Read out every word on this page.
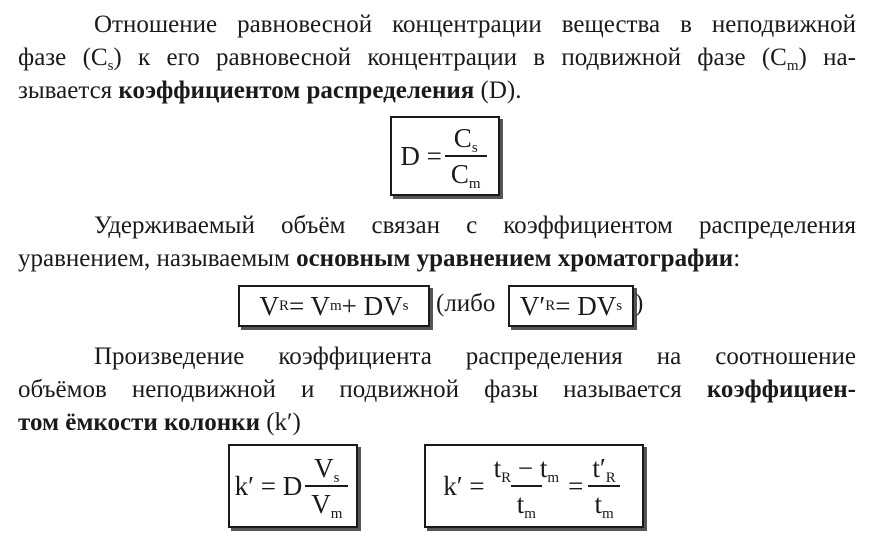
Отношение равновесной концентрации вещества в неподвижной
фазе $(C_s)$ к его равновесной концентрации в подвижной фазе $(C_m)$ на-
зывается коэффициентом распределения (D).
$D = \frac{C_s}{C_m}$
Удерживаемый объём связан с коэффициентом распределения
уравнением, называемым основным уравнением хроматографии:
V R = V m + DV s (либо V′ R = DV s )
Произведение коэффициента распределения на соотношение
объёмов неподвижной и подвижной фазы называется коэффициен-
том ёмкости колонки (k′)
k′ = D $\frac{V_s}{V_m}$	$k' = \frac{t_R - t_m}{t_m} = \frac{t'_R}{t_m}$
